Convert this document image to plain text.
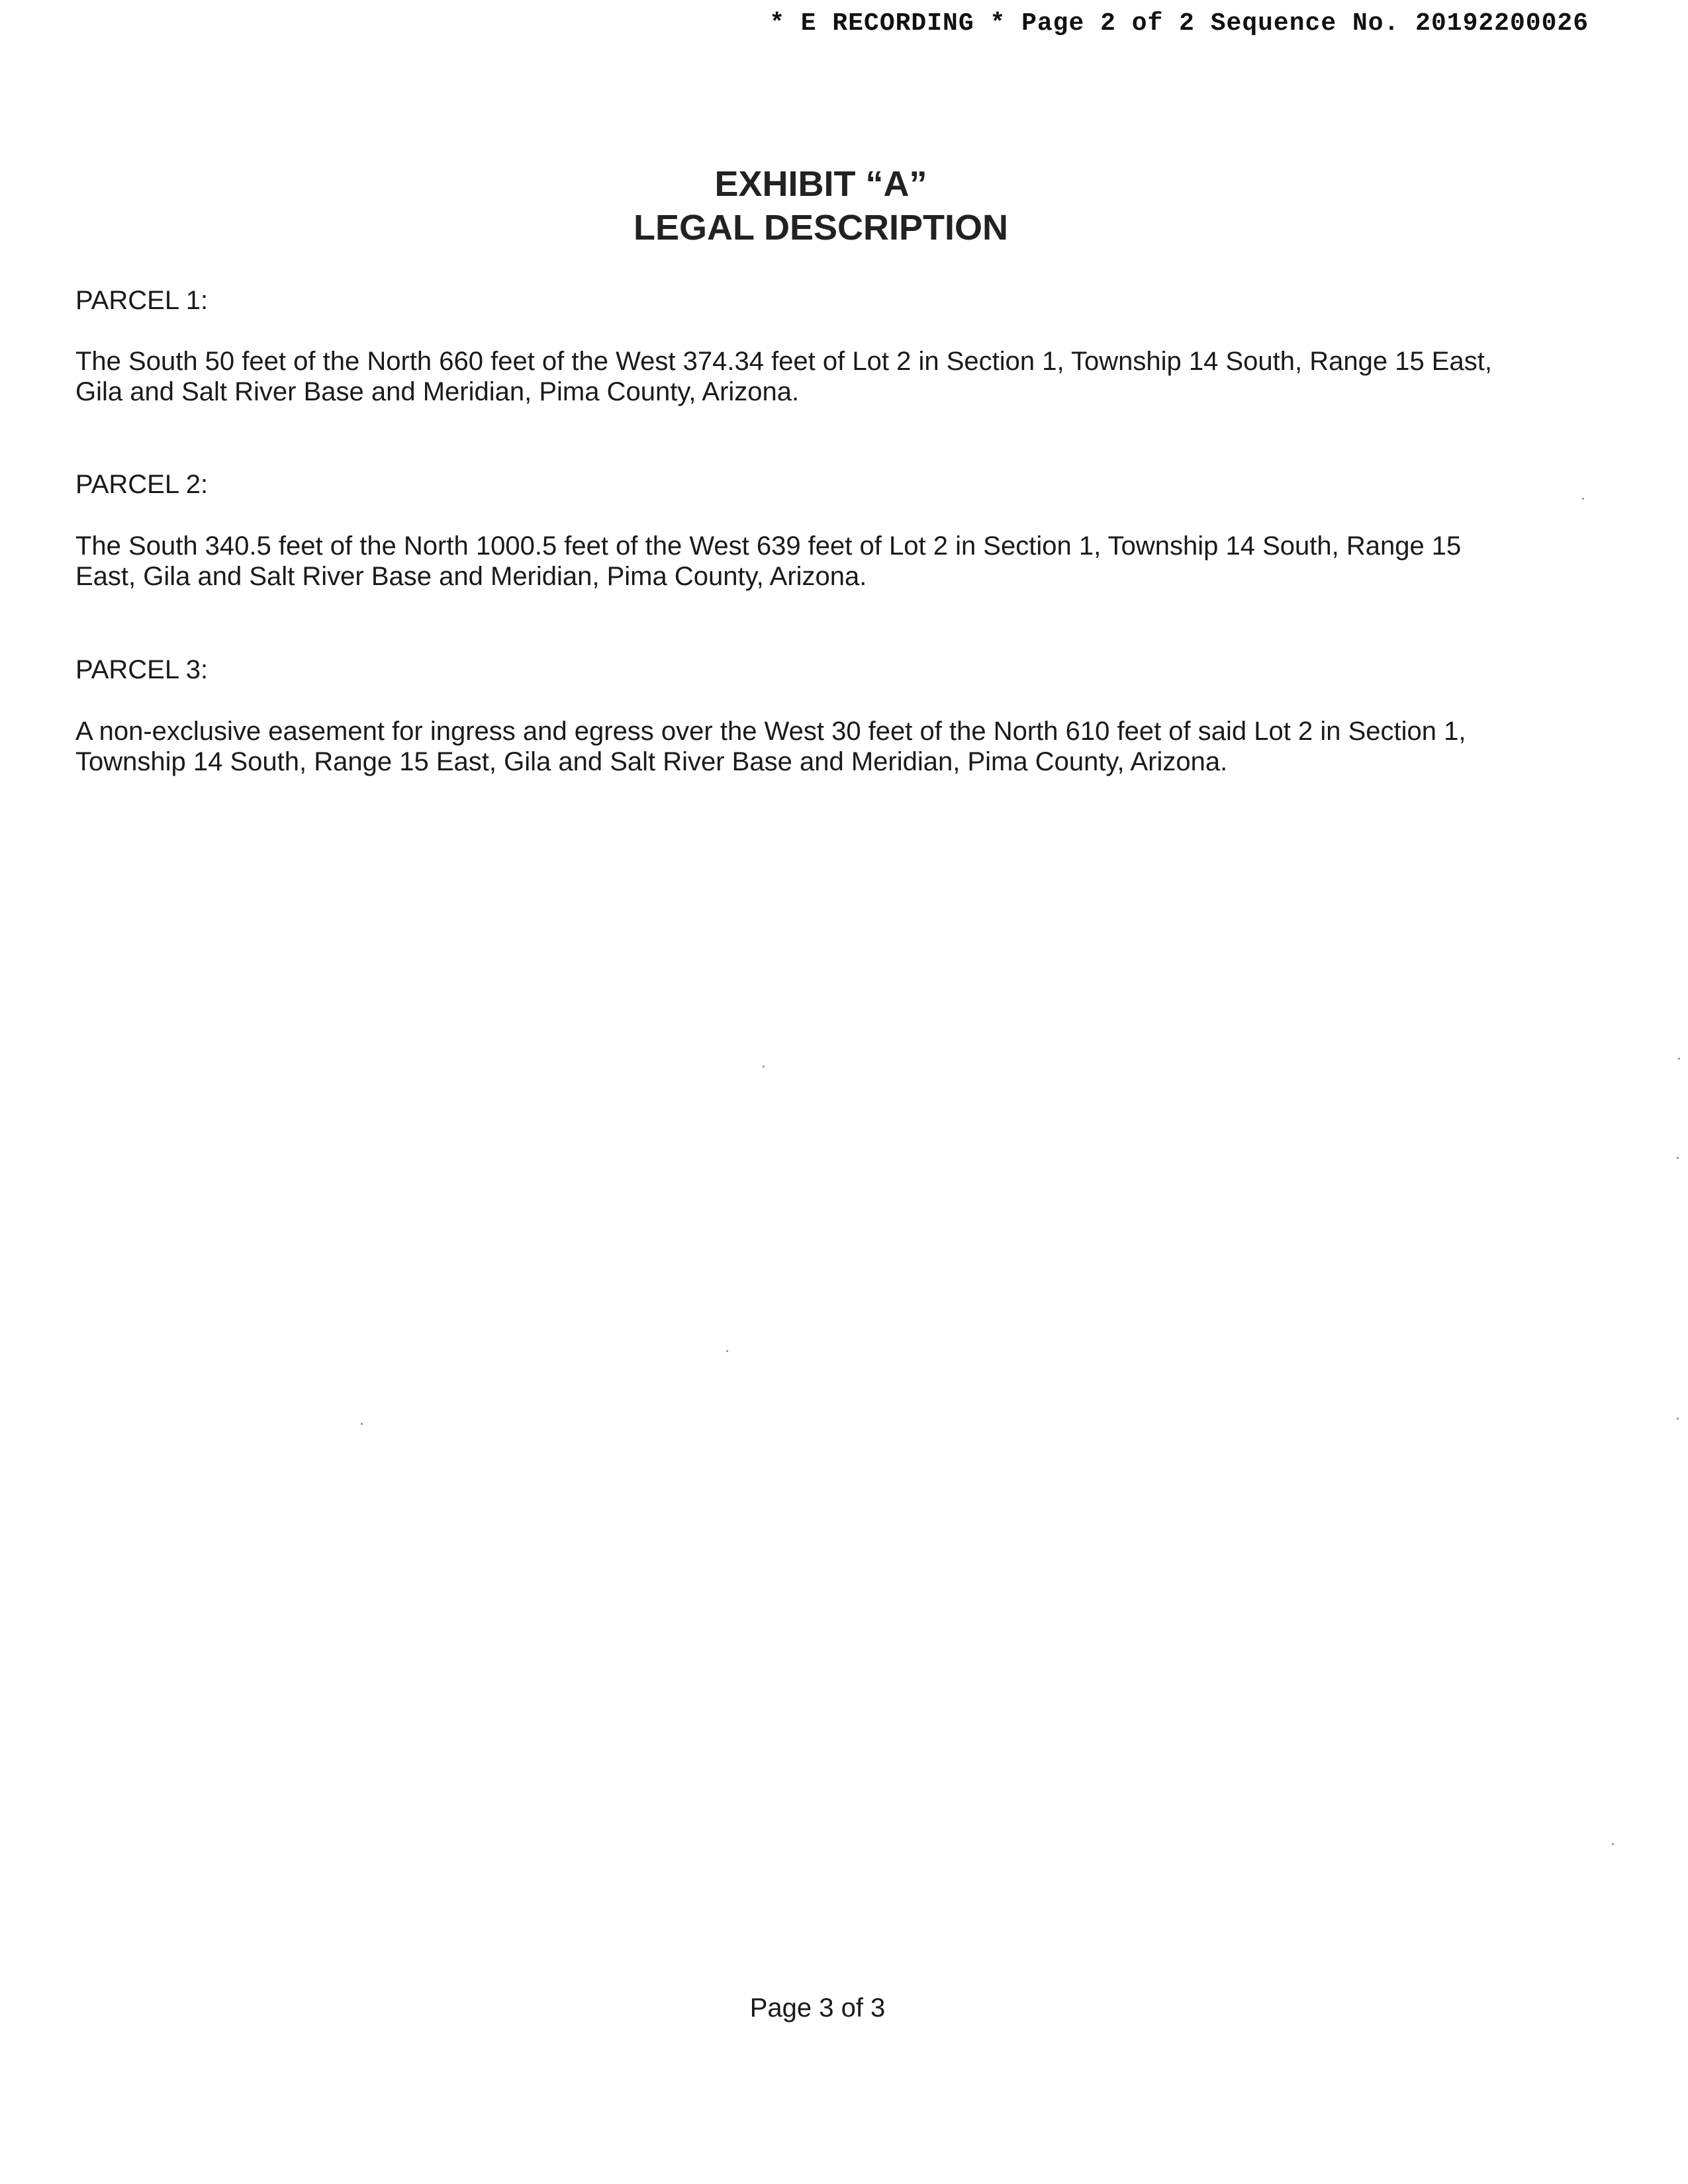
* E RECORDING * Page 2 of 2 Sequence No. 20192200026
EXHIBIT “A”
LEGAL DESCRIPTION
PARCEL 1:
The South 50 feet of the North 660 feet of the West 374.34 feet of Lot 2 in Section 1, Township 14 South, Range 15 East,
Gila and Salt River Base and Meridian, Pima County, Arizona.
PARCEL 2:
The South 340.5 feet of the North 1000.5 feet of the West 639 feet of Lot 2 in Section 1, Township 14 South, Range 15
East, Gila and Salt River Base and Meridian, Pima County, Arizona.
PARCEL 3:
A non-exclusive easement for ingress and egress over the West 30 feet of the North 610 feet of said Lot 2 in Section 1,
Township 14 South, Range 15 East, Gila and Salt River Base and Meridian, Pima County, Arizona.
Page 3 of 3
